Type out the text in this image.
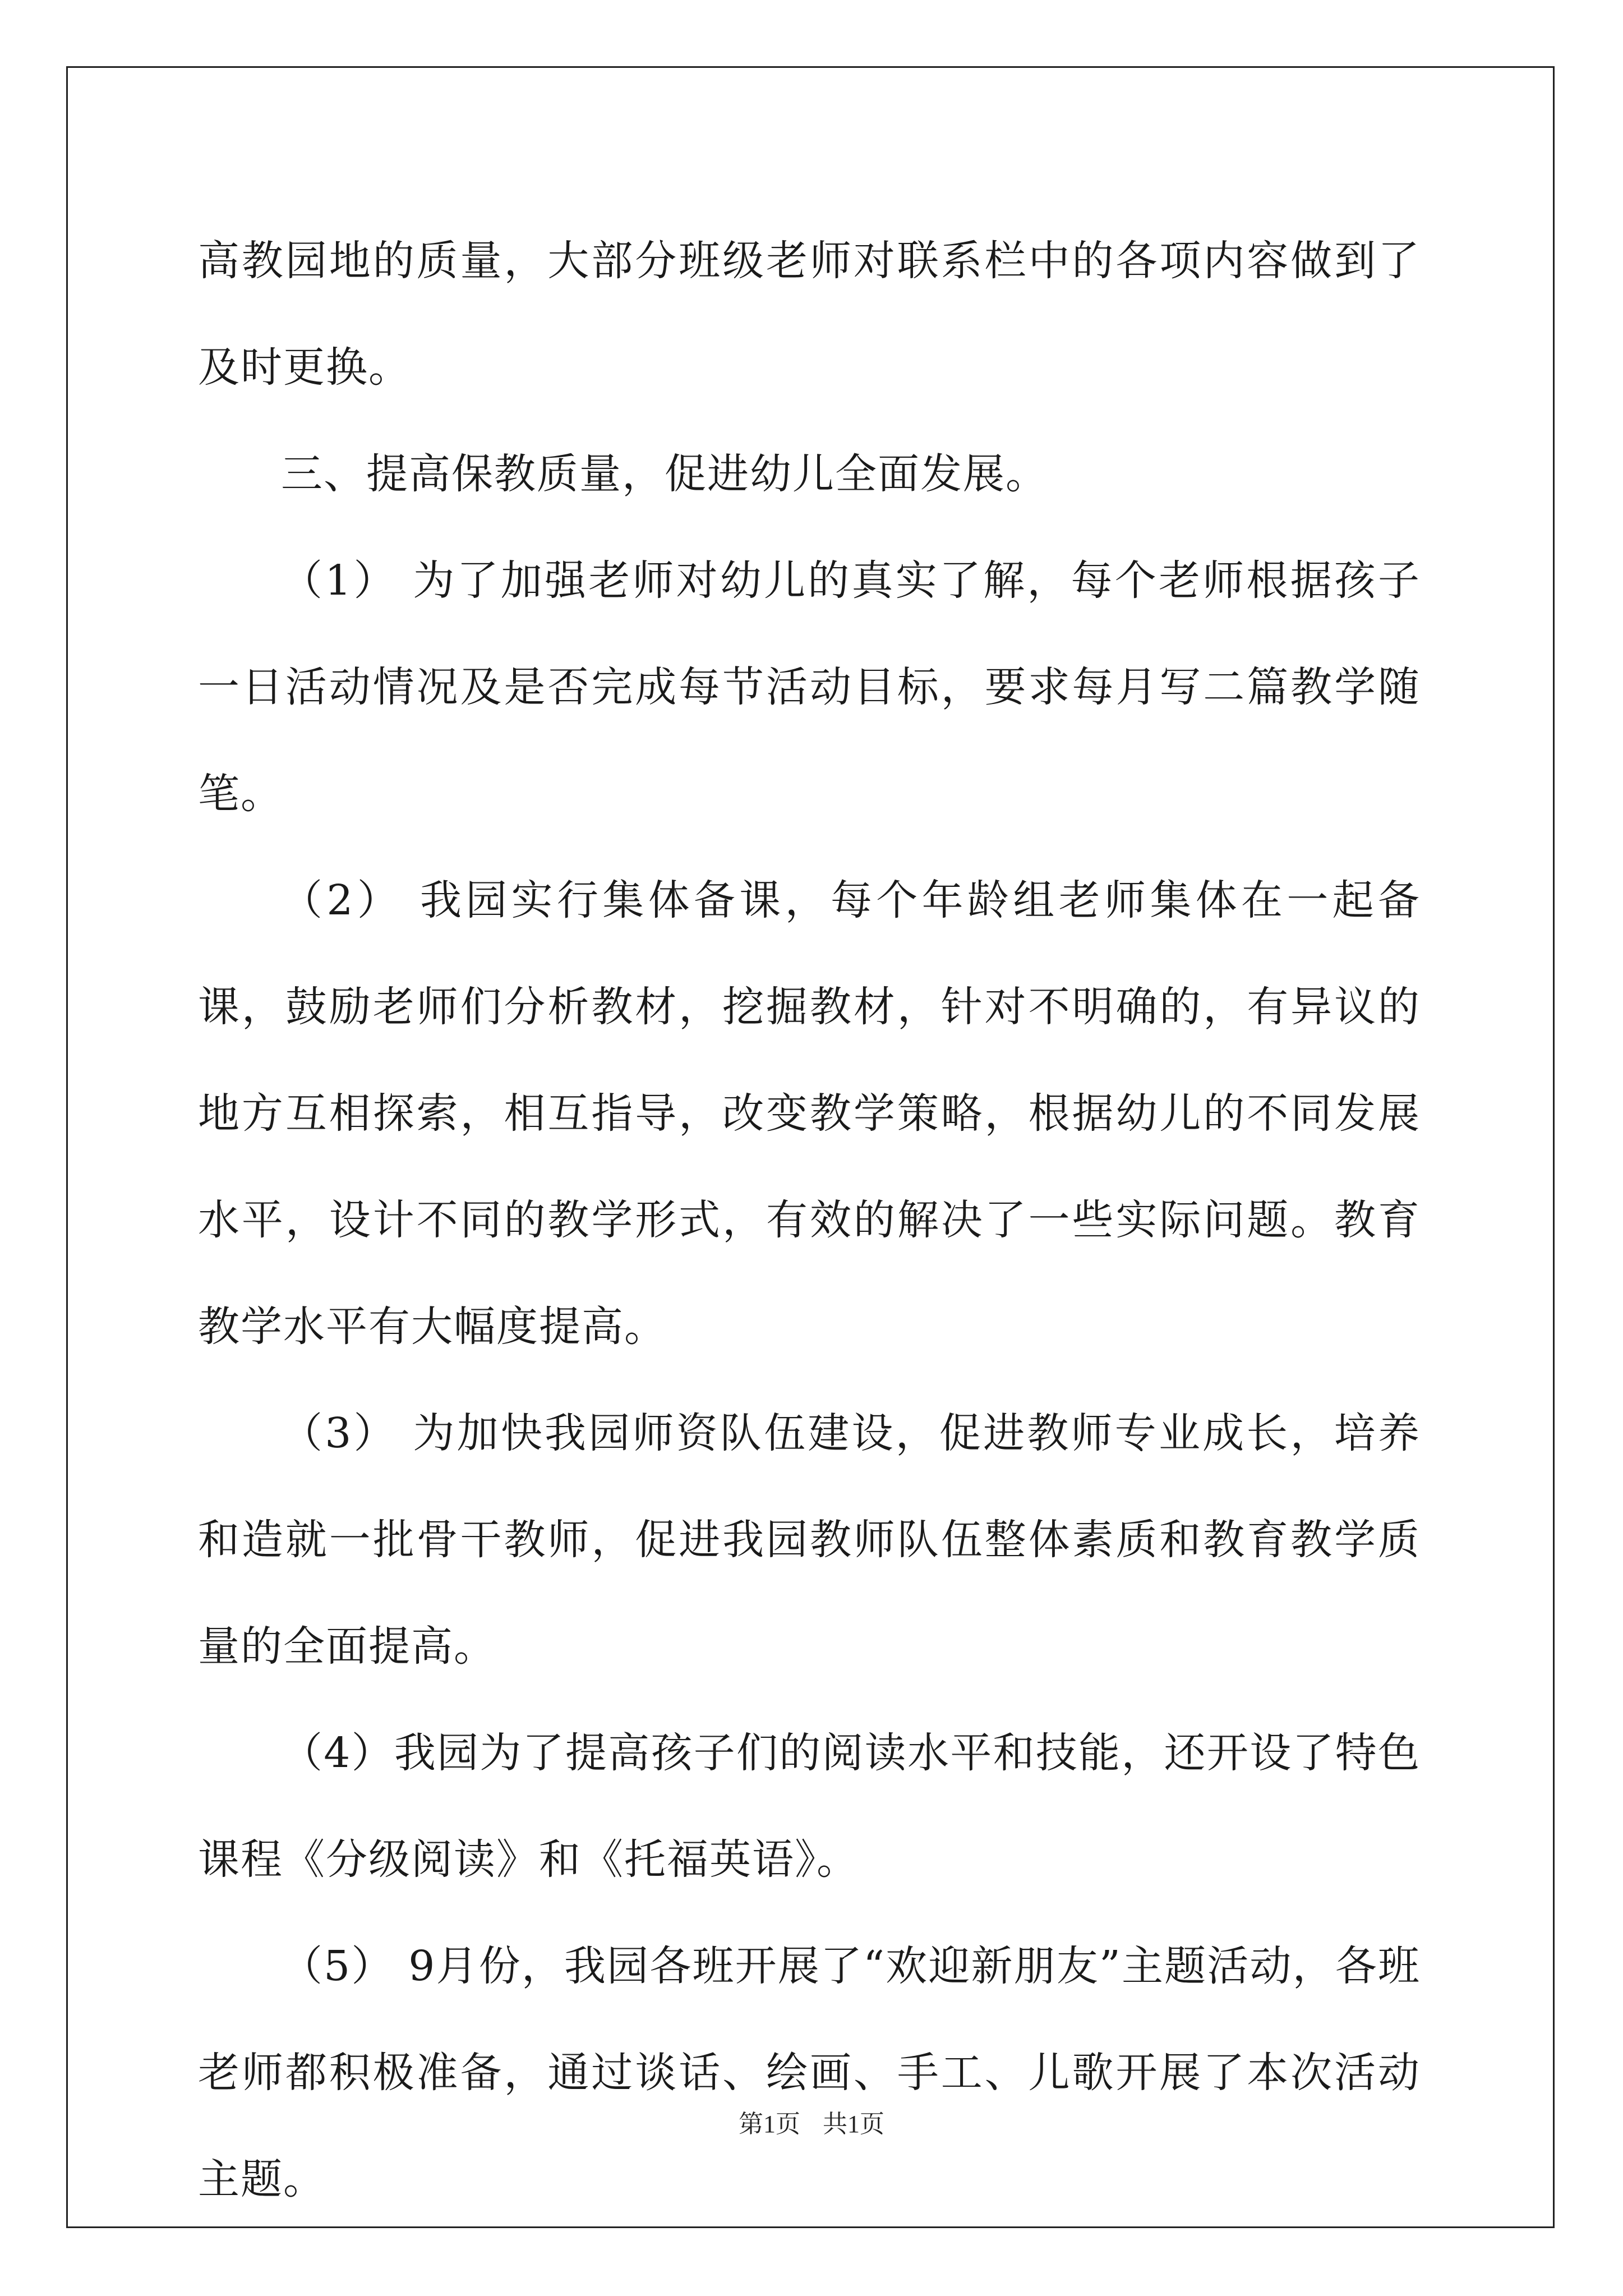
高教园地的质量，大部分班级老师对联系栏中的各项内容做到了及时更换。

三、提高保教质量，促进幼儿全面发展。

（1） 为了加强老师对幼儿的真实了解，每个老师根据孩子一日活动情况及是否完成每节活动目标，要求每月写二篇教学随笔。

（2） 我园实行集体备课，每个年龄组老师集体在一起备课，鼓励老师们分析教材，挖掘教材，针对不明确的，有异议的地方互相探索，相互指导，改变教学策略，根据幼儿的不同发展水平，设计不同的教学形式，有效的解决了一些实际问题。教育教学水平有大幅度提高。

（3） 为加快我园师资队伍建设，促进教师专业成长，培养和造就一批骨干教师，促进我园教师队伍整体素质和教育教学质量的全面提高。

（4）我园为了提高孩子们的阅读水平和技能，还开设了特色课程《分级阅读》和《托福英语》。

（5） 9月份，我园各班开展了“欢迎新朋友”主题活动，各班老师都积极准备，通过谈话、绘画、手工、儿歌开展了本次活动主题。

第1页 共1页
